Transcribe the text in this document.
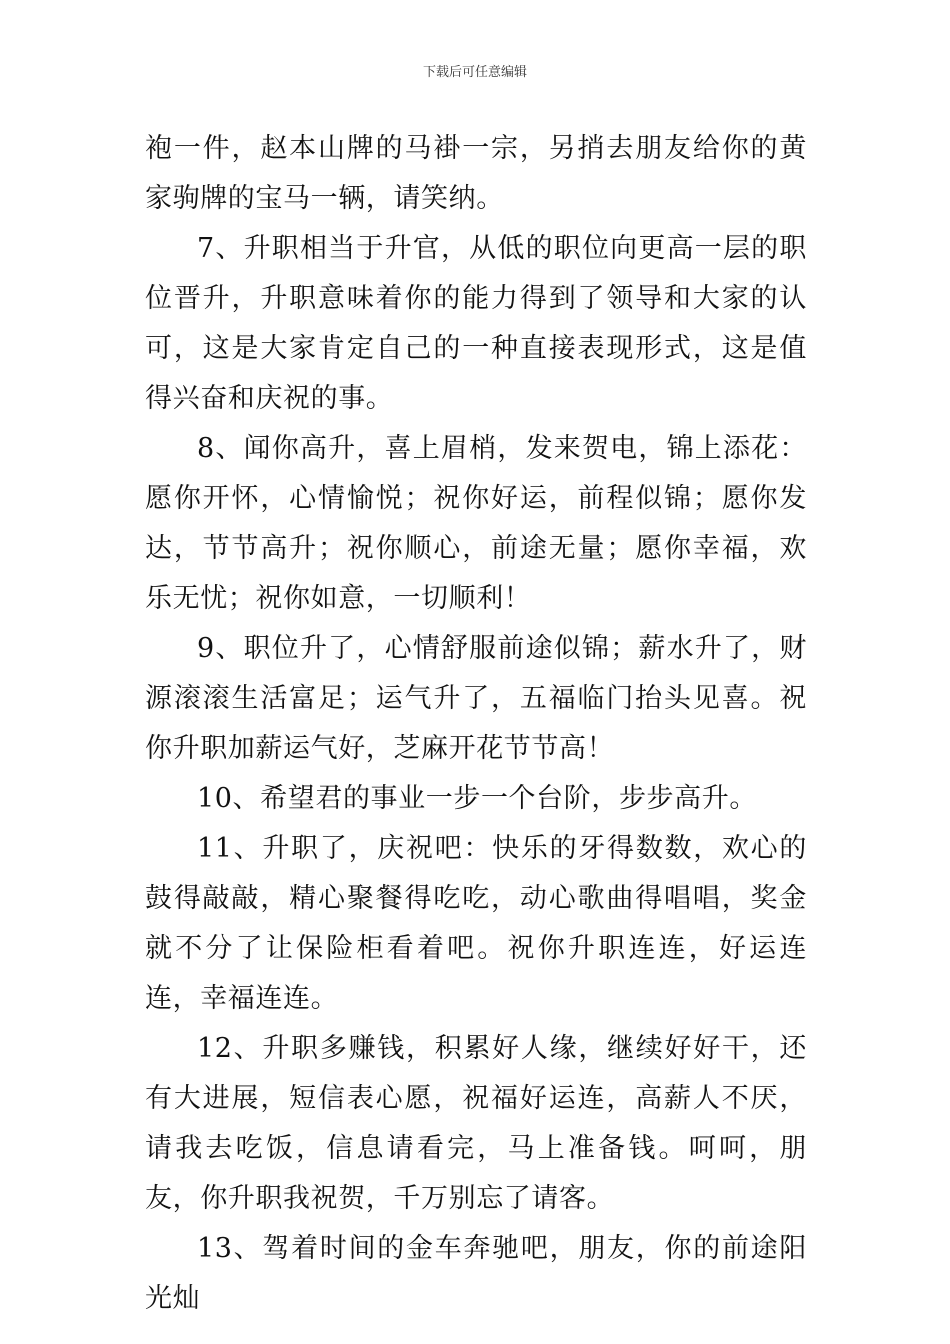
下载后可任意编辑

袍一件，赵本山牌的马褂一宗，另捎去朋友给你的黄家驹牌的宝马一辆，请笑纳。

7、升职相当于升官，从低的职位向更高一层的职位晋升，升职意味着你的能力得到了领导和大家的认可，这是大家肯定自己的一种直接表现形式，这是值得兴奋和庆祝的事。

8、闻你高升，喜上眉梢，发来贺电，锦上添花：愿你开怀，心情愉悦；祝你好运，前程似锦；愿你发达，节节高升；祝你顺心，前途无量；愿你幸福，欢乐无忧；祝你如意，一切顺利！

9、职位升了，心情舒服前途似锦；薪水升了，财源滚滚生活富足；运气升了，五福临门抬头见喜。祝你升职加薪运气好，芝麻开花节节高！

10、希望君的事业一步一个台阶，步步高升。

11、升职了，庆祝吧：快乐的牙得数数，欢心的鼓得敲敲，精心聚餐得吃吃，动心歌曲得唱唱，奖金就不分了让保险柜看着吧。祝你升职连连，好运连连，幸福连连。

12、升职多赚钱，积累好人缘，继续好好干，还有大进展，短信表心愿，祝福好运连，高薪人不厌，请我去吃饭，信息请看完，马上准备钱。呵呵，朋友，你升职我祝贺，千万别忘了请客。

13、驾着时间的金车奔驰吧，朋友，你的前途阳光灿
